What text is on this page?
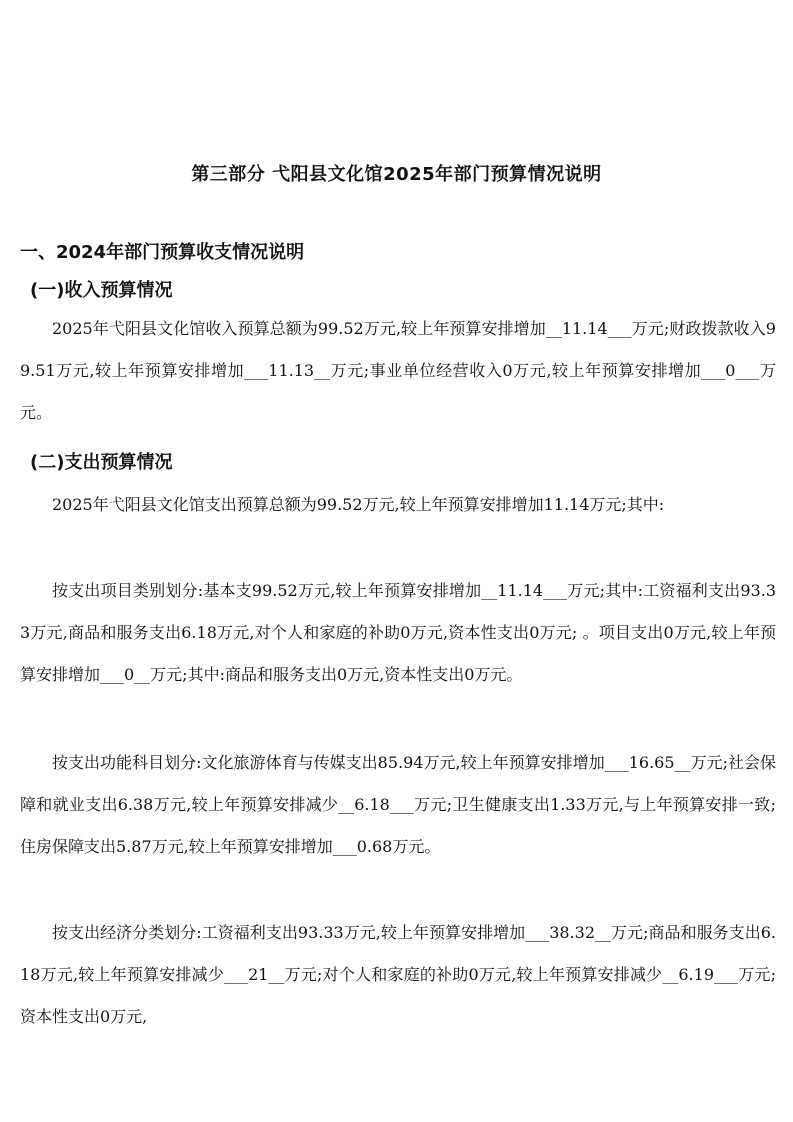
第三部分 弋阳县文化馆2025年部门预算情况说明
一、2024年部门预算收支情况说明
(一)收入预算情况
2025年弋阳县文化馆收入预算总额为99.52万元,较上年预算安排增加__11.14___万元;财政拨款收入99.51万元,较上年预算安排增加___11.13__万元;事业单位经营收入0万元,较上年预算安排增加___0___万元。
(二)支出预算情况
2025年弋阳县文化馆支出预算总额为99.52万元,较上年预算安排增加11.14万元;其中:
按支出项目类别划分:基本支99.52万元,较上年预算安排增加__11.14___万元;其中:工资福利支出93.33万元,商品和服务支出6.18万元,对个人和家庭的补助0万元,资本性支出0万元; 。项目支出0万元,较上年预算安排增加___0__万元;其中:商品和服务支出0万元,资本性支出0万元。
按支出功能科目划分:文化旅游体育与传媒支出85.94万元,较上年预算安排增加___16.65__万元;社会保障和就业支出6.38万元,较上年预算安排减少__6.18___万元;卫生健康支出1.33万元,与上年预算安排一致;住房保障支出5.87万元,较上年预算安排增加___0.68万元。
按支出经济分类划分:工资福利支出93.33万元,较上年预算安排增加___38.32__万元;商品和服务支出6.18万元,较上年预算安排减少___21__万元;对个人和家庭的补助0万元,较上年预算安排减少__6.19___万元;资本性支出0万元,
